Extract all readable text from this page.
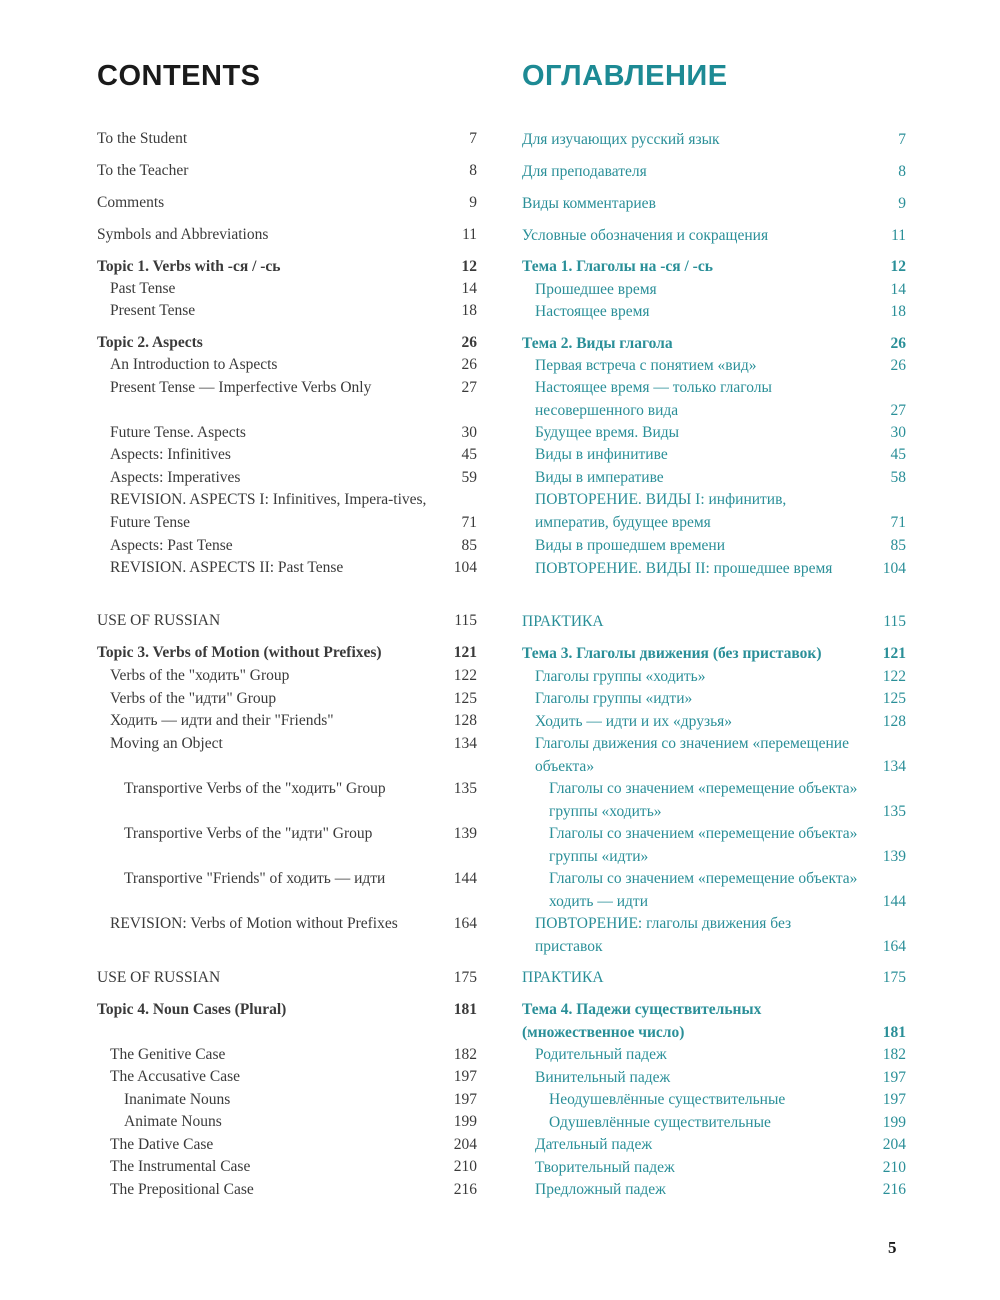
CONTENTS	ОГЛАВЛЕНИЕ
To the Student	7
To the Teacher	8
Comments	9
Symbols and Abbreviations	11
Topic 1. Verbs with -ся / -сь	12
Past Tense	14
Present Tense	18
Topic 2. Aspects	26
An Introduction to Aspects	26
Present Tense — Imperfective Verbs Only	27
Future Tense. Aspects	30
Aspects: Infinitives	45
Aspects: Imperatives	59
REVISION. ASPECTS I: Infinitives, Impera-tives, Future Tense	71
Aspects: Past Tense	85
REVISION. ASPECTS II: Past Tense	104
USE OF RUSSIAN	115
Topic 3. Verbs of Motion (without Prefixes)	121
Verbs of the "ходить" Group	122
Verbs of the "идти" Group	125
Ходить — идти and their "Friends"	128
Moving an Object	134
Transportive Verbs of the "ходить" Group	135
Transportive Verbs of the "идти" Group	139
Transportive "Friends" of ходить — идти	144
REVISION: Verbs of Motion without Prefixes	164
USE OF RUSSIAN	175
Topic 4. Noun Cases (Plural)	181
The Genitive Case	182
The Accusative Case	197
Inanimate Nouns	197
Animate Nouns	199
The Dative Case	204
The Instrumental Case	210
The Prepositional Case	216
Для изучающих русский язык	7
Для преподавателя	8
Виды комментариев	9
Условные обозначения и сокращения	11
Тема 1. Глаголы на -ся / -сь	12
Прошедшее время	14
Настоящее время	18
Тема 2. Виды глагола	26
Первая встреча с понятием «вид»	26
Настоящее время — только глаголы несовершенного вида	27
Будущее время. Виды	30
Виды в инфинитиве	45
Виды в императиве	58
ПОВТОРЕНИЕ. ВИДЫ I: инфинитив, императив, будущее время	71
Виды в прошедшем времени	85
ПОВТОРЕНИЕ. ВИДЫ II: прошедшее время	104
ПРАКТИКА	115
Тема 3. Глаголы движения (без приставок)	121
Глаголы группы «ходить»	122
Глаголы группы «идти»	125
Ходить — идти и их «друзья»	128
Глаголы движения со значением «перемещение объекта»	134
Глаголы со значением «перемещение объекта» группы «ходить»	135
Глаголы со значением «перемещение объекта» группы «идти»	139
Глаголы со значением «перемещение объекта» ходить — идти	144
ПОВТОРЕНИЕ: глаголы движения без приставок	164
ПРАКТИКА	175
Тема 4. Падежи существительных (множественное число)	181
Родительный падеж	182
Винительный падеж	197
Неодушевлённые существительные	197
Одушевлённые существительные	199
Дательный падеж	204
Творительный падеж	210
Предложный падеж	216
5
